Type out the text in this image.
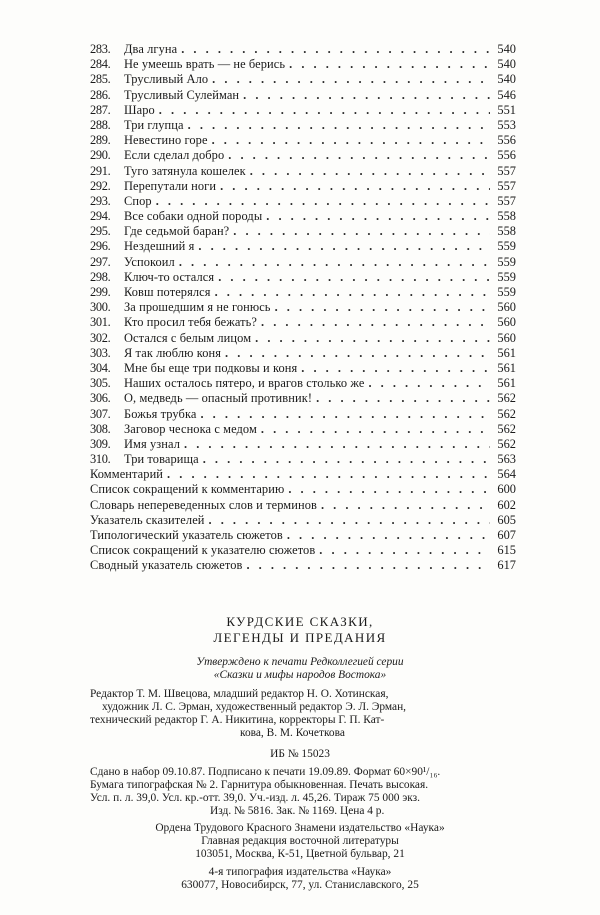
283.	Два лгуна . . .	540
284.	Не умеешь врать — не берись . . .	540
285.	Трусливый Ало . . .	540
286.	Трусливый Сулейман . . .	546
287.	Шаро . . .	551
288.	Три глупца . . .	553
289.	Невестино горе . . .	556
290.	Если сделал добро . . .	556
291.	Туго затянула кошелек . . .	557
292.	Перепутали ноги . . .	557
293.	Спор . . .	557
294.	Все собаки одной породы . . .	558
295.	Где седьмой баран? . . .	558
296.	Нездешний я . . .	559
297.	Успокоил . . .	559
298.	Ключ-то остался . . .	559
299.	Ковш потерялся . . .	559
300.	За прошедшим я не гонюсь . . .	560
301.	Кто просил тебя бежать? . . .	560
302.	Остался с белым лицом . . .	560
303.	Я так люблю коня . . .	561
304.	Мне бы еще три подковы и коня . . .	561
305.	Наших осталось пятеро, и врагов столько же . . .	561
306.	О, медведь — опасный противник! . . .	562
307.	Божья трубка . . .	562
308.	Заговор чеснока с медом . . .	562
309.	Имя узнал . . .	562
310.	Три товарища . . .	563
Комментарий . . .	564
Список сокращений к комментарию . . .	600
Словарь непереведенных слов и терминов . . .	602
Указатель сказителей . . .	605
Типологический указатель сюжетов . . .	607
Список сокращений к указателю сюжетов . . .	615
Сводный указатель сюжетов . . .	617
КУРДСКИЕ СКАЗКИ,
ЛЕГЕНДЫ И ПРЕДАНИЯ
Утверждено к печати Редколлегией серии
«Сказки и мифы народов Востока»
Редактор Т. М. Швецова, младший редактор Н. О. Хотинская,
художник Л. С. Эрман, художественный редактор Э. Л. Эрман,
технический редактор Г. А. Никитина, корректоры Г. П. Кат-
кова, В. М. Кочеткова
ИБ № 15023
Сдано в набор 09.10.87. Подписано к печати 19.09.89. Формат 60×90¹/₁₆.
Бумага типографская № 2. Гарнитура обыкновенная. Печать высокая.
Усл. п. л. 39,0. Усл. кр.-отт. 39,0. Уч.-изд. л. 45,26. Тираж 75 000 экз.
Изд. № 5816. Зак. № 1169. Цена 4 р.
Ордена Трудового Красного Знамени издательство «Наука»
Главная редакция восточной литературы
103051, Москва, К-51, Цветной бульвар, 21
4-я типография издательства «Наука»
630077, Новосибирск, 77, ул. Станиславского, 25
